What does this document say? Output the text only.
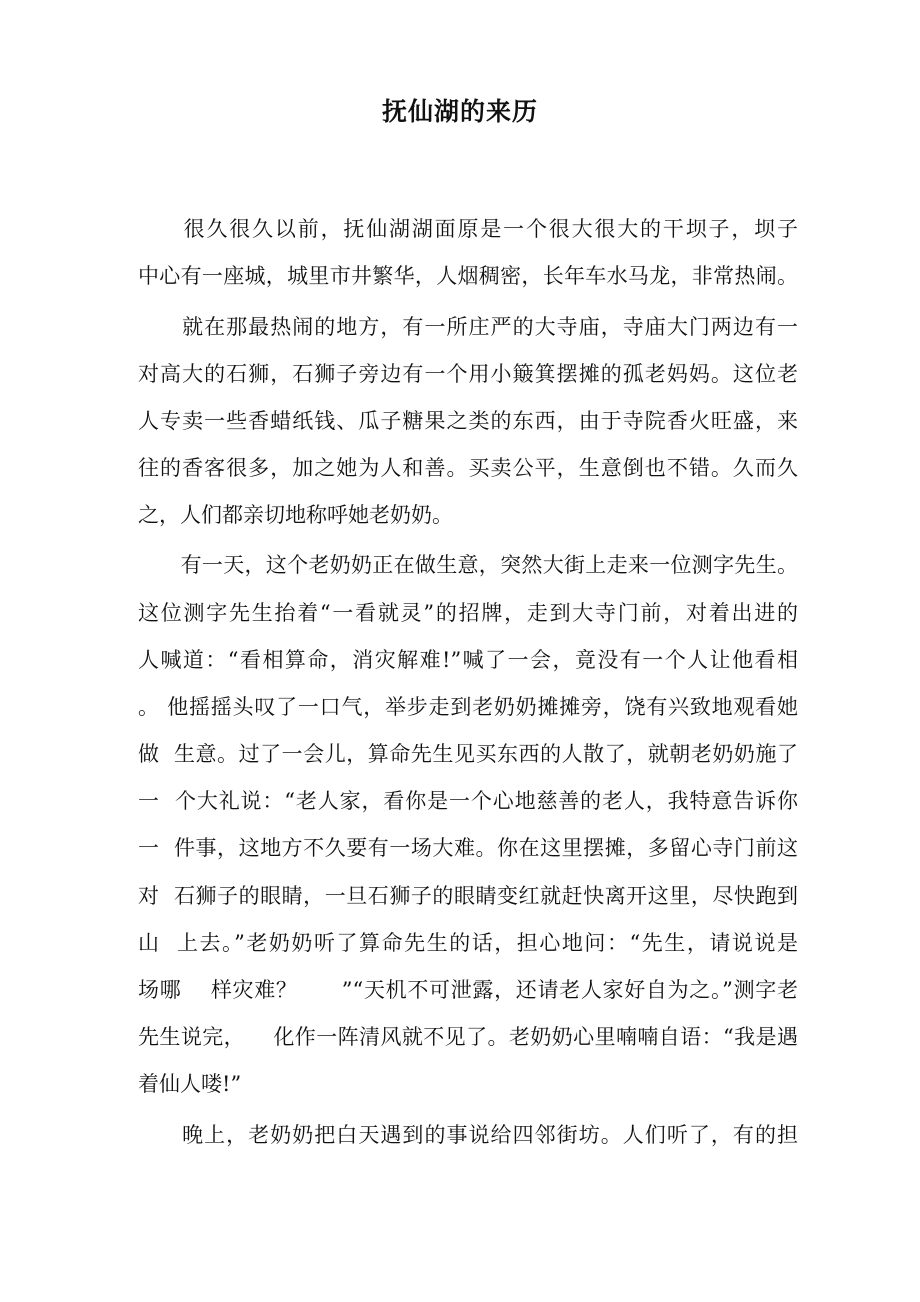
抚仙湖的来历
　　很久很久以前，抚仙湖湖面原是一个很大很大的干坝子，坝子
中心有一座城，城里市井繁华，人烟稠密，长年车水马龙，非常热闹。
　　就在那最热闹的地方，有一所庄严的大寺庙，寺庙大门两边有一
对高大的石狮，石狮子旁边有一个用小簸箕摆摊的孤老妈妈。这位老
人专卖一些香蜡纸钱、瓜子糖果之类的东西，由于寺院香火旺盛，来
往的香客很多，加之她为人和善。买卖公平，生意倒也不错。久而久
之，人们都亲切地称呼她老奶奶。
　　有一天，这个老奶奶正在做生意，突然大街上走来一位测字先生。
这位测字先生抬着“一看就灵”的招牌，走到大寺门前，对着出进的
人喊道：“看相算命，消灾解难!”喊了一会，竟没有一个人让他看相
。 他摇摇头叹了一口气，举步走到老奶奶摊摊旁，饶有兴致地观看她
做  生意。过了一会儿，算命先生见买东西的人散了，就朝老奶奶施了
一  个大礼说：“老人家，看你是一个心地慈善的老人，我特意告诉你
一  件事，这地方不久要有一场大难。你在这里摆摊，多留心寺门前这
对  石狮子的眼睛，一旦石狮子的眼睛变红就赶快离开这里，尽快跑到
山  上去。”老奶奶听了算命先生的话，担心地问：“先生，请说说是
场哪    样灾难？      ”“天机不可泄露，还请老人家好自为之。”测字老
先生说完，    化作一阵清风就不见了。老奶奶心里喃喃自语：“我是遇
着仙人喽!”
　　晚上，老奶奶把白天遇到的事说给四邻街坊。人们听了，有的担
